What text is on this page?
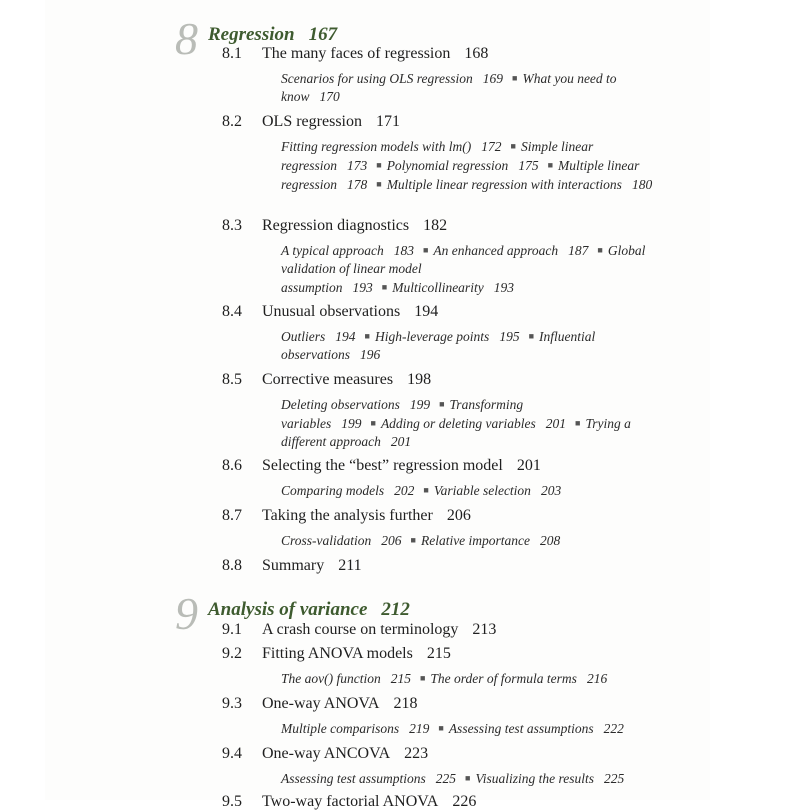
8 Regression 167
8.1 The many faces of regression 168
Scenarios for using OLS regression 169 ■ What you need to know 170
8.2 OLS regression 171
Fitting regression models with lm() 172 ■ Simple linear regression 173 ■ Polynomial regression 175 ■ Multiple linear regression 178 ■ Multiple linear regression with interactions 180
8.3 Regression diagnostics 182
A typical approach 183 ■ An enhanced approach 187 ■ Global validation of linear model assumption 193 ■ Multicollinearity 193
8.4 Unusual observations 194
Outliers 194 ■ High-leverage points 195 ■ Influential observations 196
8.5 Corrective measures 198
Deleting observations 199 ■ Transforming variables 199 ■ Adding or deleting variables 201 ■ Trying a different approach 201
8.6 Selecting the “best” regression model 201
Comparing models 202 ■ Variable selection 203
8.7 Taking the analysis further 206
Cross-validation 206 ■ Relative importance 208
8.8 Summary 211
9 Analysis of variance 212
9.1 A crash course on terminology 213
9.2 Fitting ANOVA models 215
The aov() function 215 ■ The order of formula terms 216
9.3 One-way ANOVA 218
Multiple comparisons 219 ■ Assessing test assumptions 222
9.4 One-way ANCOVA 223
Assessing test assumptions 225 ■ Visualizing the results 225
9.5 Two-way factorial ANOVA 226
